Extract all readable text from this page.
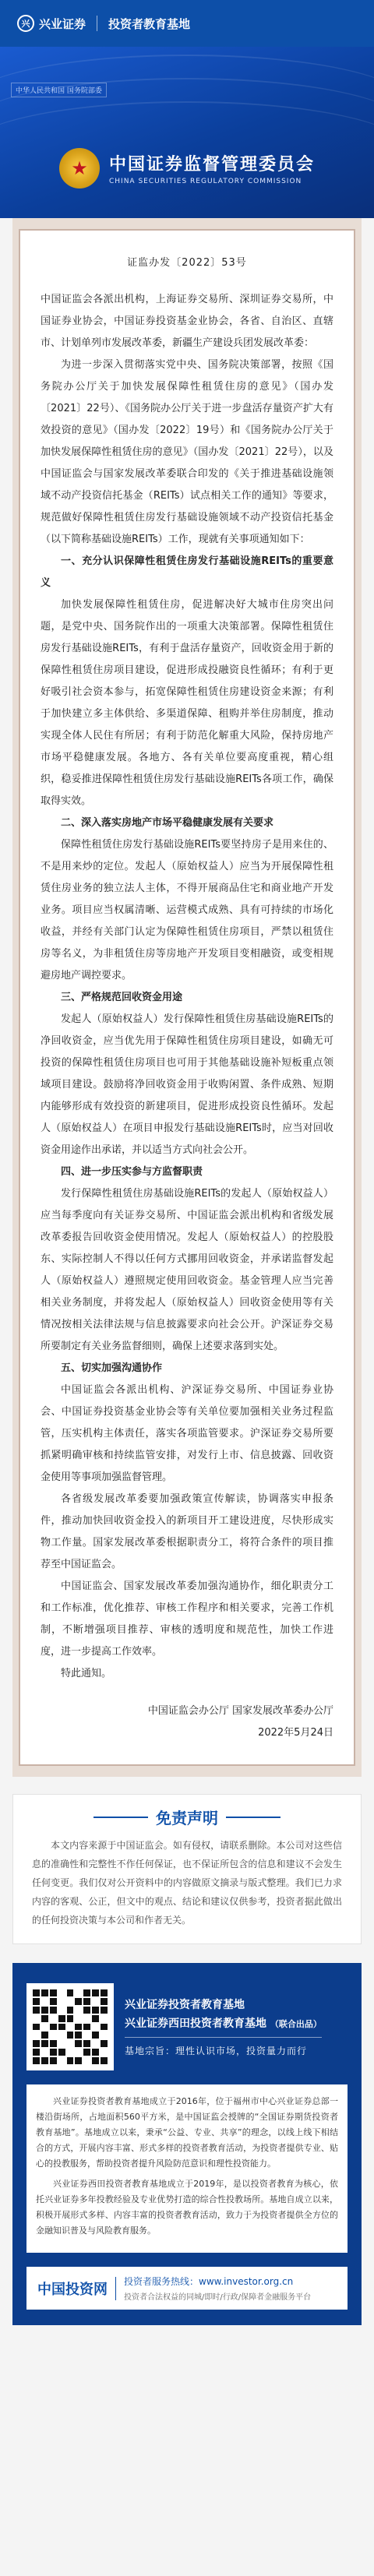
兴 兴业证券 投资者教育基地
中华人民共和国 国务院部委
★	中国证券监督管理委员会
CHINA SECURITIES REGULATORY COMMISSION
证监办发〔2022〕53号

中国证监会各派出机构，上海证券交易所、深圳证券交易所，中国证券业协会，中国证券投资基金业协会，各省、自治区、直辖市、计划单列市发展改革委，新疆生产建设兵团发展改革委：

为进一步深入贯彻落实党中央、国务院决策部署，按照《国务院办公厅关于加快发展保障性租赁住房的意见》（国办发〔2021〕22号）、《国务院办公厅关于进一步盘活存量资产扩大有效投资的意见》（国办发〔2022〕19号）和《国务院办公厅关于加快发展保障性租赁住房的意见》（国办发〔2021〕22号），以及中国证监会与国家发展改革委联合印发的《关于推进基础设施领域不动产投资信托基金（REITs）试点相关工作的通知》等要求，规范做好保障性租赁住房发行基础设施领域不动产投资信托基金（以下简称基础设施REITs）工作，现就有关事项通知如下：

一、充分认识保障性租赁住房发行基础设施REITs的重要意义

加快发展保障性租赁住房，促进解决好大城市住房突出问题，是党中央、国务院作出的一项重大决策部署。保障性租赁住房发行基础设施REITs，有利于盘活存量资产，回收资金用于新的保障性租赁住房项目建设，促进形成投融资良性循环；有利于更好吸引社会资本参与，拓宽保障性租赁住房建设资金来源；有利于加快建立多主体供给、多渠道保障、租购并举住房制度，推动实现全体人民住有所居；有利于防范化解重大风险，保持房地产市场平稳健康发展。各地方、各有关单位要高度重视，精心组织，稳妥推进保障性租赁住房发行基础设施REITs各项工作，确保取得实效。

二、深入落实房地产市场平稳健康发展有关要求

保障性租赁住房发行基础设施REITs要坚持房子是用来住的、不是用来炒的定位。发起人（原始权益人）应当为开展保障性租赁住房业务的独立法人主体，不得开展商品住宅和商业地产开发业务。项目应当权属清晰、运营模式成熟、具有可持续的市场化收益，并经有关部门认定为保障性租赁住房项目，严禁以租赁住房等名义，为非租赁住房等房地产开发项目变相融资，或变相规避房地产调控要求。

三、严格规范回收资金用途

发起人（原始权益人）发行保障性租赁住房基础设施REITs的净回收资金，应当优先用于保障性租赁住房项目建设，如确无可投资的保障性租赁住房项目也可用于其他基础设施补短板重点领域项目建设。鼓励将净回收资金用于收购闲置、条件成熟、短期内能够形成有效投资的新建项目，促进形成投资良性循环。发起人（原始权益人）在项目申报发行基础设施REITs时，应当对回收资金用途作出承诺，并以适当方式向社会公开。

四、进一步压实参与方监督职责

发行保障性租赁住房基础设施REITs的发起人（原始权益人）应当每季度向有关证券交易所、中国证监会派出机构和省级发展改革委报告回收资金使用情况。发起人（原始权益人）的控股股东、实际控制人不得以任何方式挪用回收资金，并承诺监督发起人（原始权益人）遵照规定使用回收资金。基金管理人应当完善相关业务制度，并将发起人（原始权益人）回收资金使用等有关情况按相关法律法规与信息披露要求向社会公开。沪深证券交易所要制定有关业务监督细则，确保上述要求落到实处。

五、切实加强沟通协作

中国证监会各派出机构、沪深证券交易所、中国证券业协会、中国证券投资基金业协会等有关单位要加强相关业务过程监管，压实机构主体责任，落实各项监管要求。沪深证券交易所要抓紧明确审核和持续监管安排，对发行上市、信息披露、回收资金使用等事项加强监督管理。

各省级发展改革委要加强政策宣传解读，协调落实申报条件，推动加快回收资金投入的新项目开工建设进度，尽快形成实物工作量。国家发展改革委根据职责分工，将符合条件的项目推荐至中国证监会。

中国证监会、国家发展改革委加强沟通协作，细化职责分工和工作标准，优化推荐、审核工作程序和相关要求，完善工作机制，不断增强项目推荐、审核的透明度和规范性，加快工作进度，进一步提高工作效率。

特此通知。

中国证监会办公厅 国家发展改革委办公厅
2022年5月24日
免责声明

本文内容来源于中国证监会。如有侵权，请联系删除。本公司对这些信息的准确性和完整性不作任何保证，也不保证所包含的信息和建议不会发生任何变更。我们仅对公开资料中的内容做原文摘录与版式整理。我们已力求内容的客观、公正，但文中的观点、结论和建议仅供参考，投资者据此做出的任何投资决策与本公司和作者无关。

兴业证券投资者教育基地
兴业证券西田投资者教育基地 （联合出品）
基地宗旨：理性认识市场，投资量力而行

兴业证券投资者教育基地成立于2016年，位于福州市中心兴业证券总部一楼沿街场所，占地面积560平方米，是中国证监会授牌的“全国证券期货投资者教育基地”。基地成立以来，秉承“公益、专业、共享”的理念，以线上线下相结合的方式，开展内容丰富、形式多样的投资者教育活动，为投资者提供专业、贴心的投教服务，帮助投资者提升风险防范意识和理性投资能力。

兴业证券西田投资者教育基地成立于2019年，是以投资者教育为核心，依托兴业证券多年投教经验及专业优势打造的综合性投教场所。基地自成立以来，积极开展形式多样、内容丰富的投资者教育活动，致力于为投资者提供全方位的金融知识普及与风险教育服务。

中国投资网 投资者服务热线：www.investor.org.cn
投资者合法权益的同城/即时/行政/保障者金融服务平台
